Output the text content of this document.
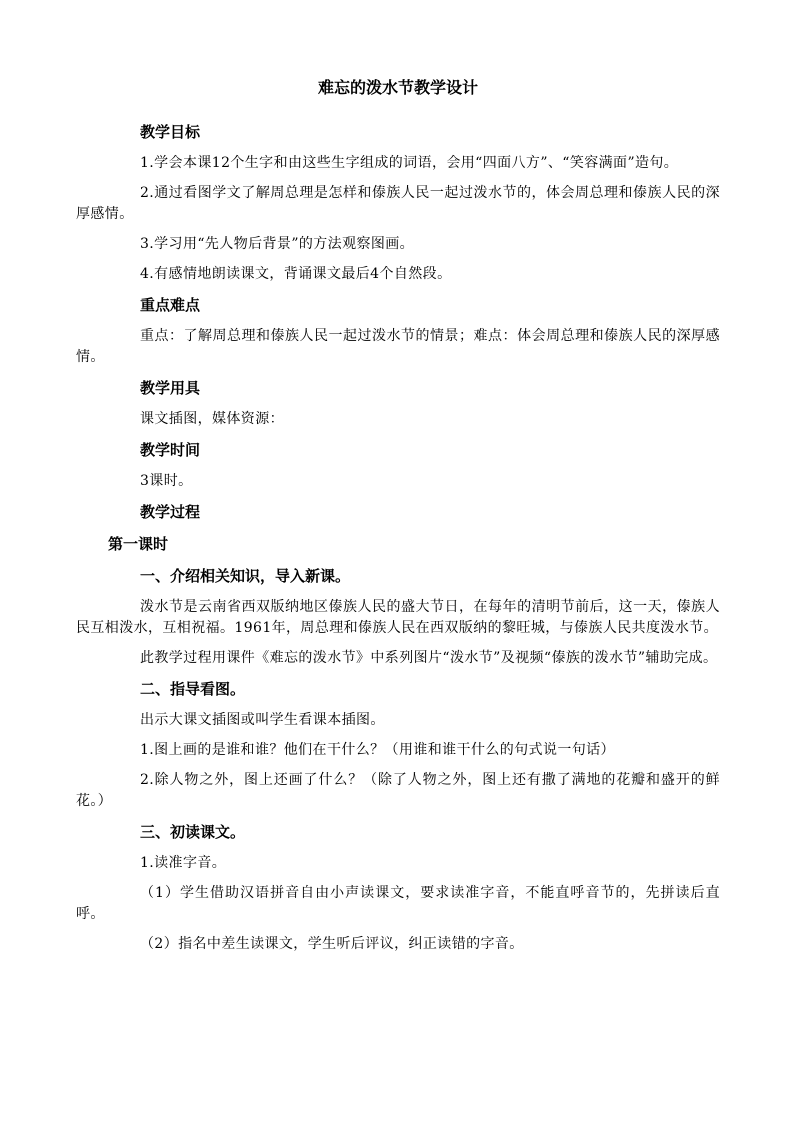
难忘的泼水节教学设计
教学目标
1.学会本课12个生字和由这些生字组成的词语，会用“四面八方”、“笑容满面”造句。
2.通过看图学文了解周总理是怎样和傣族人民一起过泼水节的，体会周总理和傣族人民的深厚感情。
3.学习用“先人物后背景”的方法观察图画。
4.有感情地朗读课文，背诵课文最后4个自然段。
重点难点
重点：了解周总理和傣族人民一起过泼水节的情景；难点：体会周总理和傣族人民的深厚感情。
教学用具
课文插图，媒体资源：
教学时间
3课时。
教学过程
第一课时
一、介绍相关知识，导入新课。
泼水节是云南省西双版纳地区傣族人民的盛大节日，在每年的清明节前后，这一天，傣族人民互相泼水，互相祝福。1961年，周总理和傣族人民在西双版纳的黎旺城，与傣族人民共度泼水节。
此教学过程用课件《难忘的泼水节》中系列图片“泼水节”及视频“傣族的泼水节”辅助完成。
二、指导看图。
出示大课文插图或叫学生看课本插图。
1.图上画的是谁和谁？他们在干什么？（用谁和谁干什么的句式说一句话）
2.除人物之外，图上还画了什么？（除了人物之外，图上还有撒了满地的花瓣和盛开的鲜花。）
三、初读课文。
1.读准字音。
（1）学生借助汉语拼音自由小声读课文，要求读准字音，不能直呼音节的，先拼读后直呼。
（2）指名中差生读课文，学生听后评议，纠正读错的字音。
